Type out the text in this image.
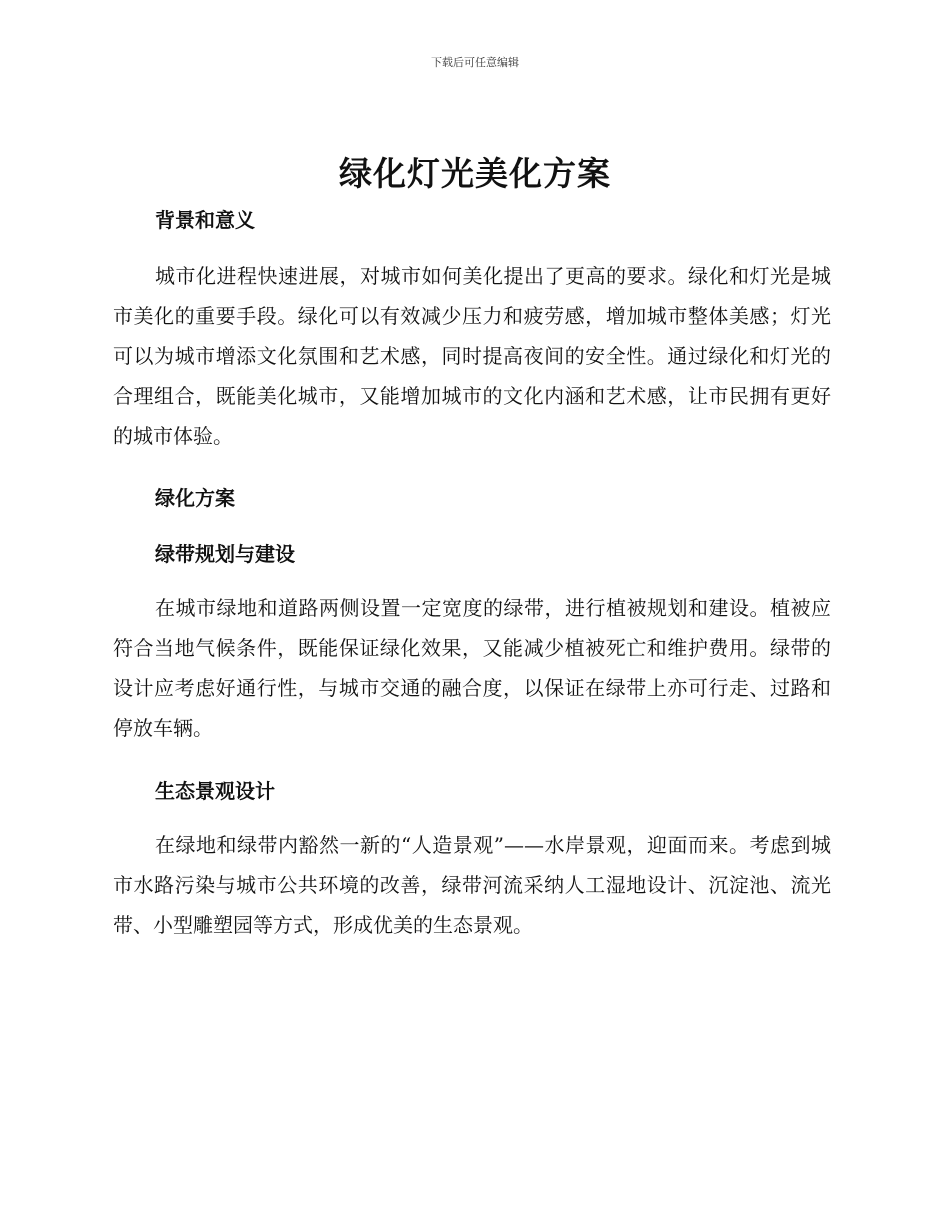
下载后可任意编辑
绿化灯光美化方案
背景和意义
城市化进程快速进展，对城市如何美化提出了更高的要求。绿化和灯光是城市美化的重要手段。绿化可以有效减少压力和疲劳感，增加城市整体美感；灯光可以为城市增添文化氛围和艺术感，同时提高夜间的安全性。通过绿化和灯光的合理组合，既能美化城市，又能增加城市的文化内涵和艺术感，让市民拥有更好的城市体验。
绿化方案
绿带规划与建设
在城市绿地和道路两侧设置一定宽度的绿带，进行植被规划和建设。植被应符合当地气候条件，既能保证绿化效果，又能减少植被死亡和维护费用。绿带的设计应考虑好通行性，与城市交通的融合度，以保证在绿带上亦可行走、过路和停放车辆。
生态景观设计
在绿地和绿带内豁然一新的“人造景观”——水岸景观，迎面而来。考虑到城市水路污染与城市公共环境的改善，绿带河流采纳人工湿地设计、沉淀池、流光带、小型雕塑园等方式，形成优美的生态景观。
